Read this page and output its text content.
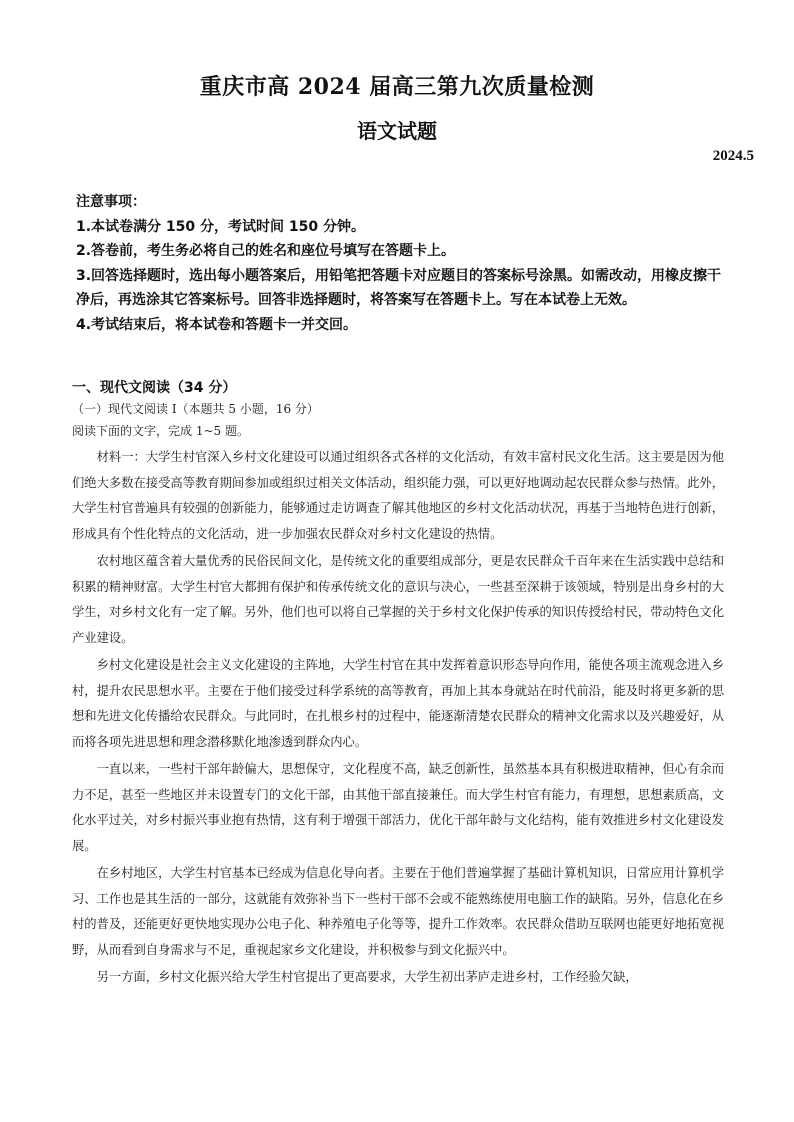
重庆市高 2024 届高三第九次质量检测
语文试题
2024.5
注意事项：
1.本试卷满分 150 分，考试时间 150 分钟。
2.答卷前，考生务必将自己的姓名和座位号填写在答题卡上。
3.回答选择题时，选出每小题答案后，用铅笔把答题卡对应题目的答案标号涂黑。如需改动，用橡皮擦干净后，再选涂其它答案标号。回答非选择题时，将答案写在答题卡上。写在本试卷上无效。
4.考试结束后，将本试卷和答题卡一并交回。
一、现代文阅读（34 分）
（一）现代文阅读 I（本题共 5 小题，16 分）
阅读下面的文字，完成 1~5 题。

材料一：大学生村官深入乡村文化建设可以通过组织各式各样的文化活动，有效丰富村民文化生活。这主要是因为他们绝大多数在接受高等教育期间参加或组织过相关文体活动，组织能力强，可以更好地调动起农民群众参与热情。此外，大学生村官普遍具有较强的创新能力，能够通过走访调查了解其他地区的乡村文化活动状况，再基于当地特色进行创新，形成具有个性化特点的文化活动，进一步加强农民群众对乡村文化建设的热情。

农村地区蕴含着大量优秀的民俗民间文化，是传统文化的重要组成部分，更是农民群众千百年来在生活实践中总结和积累的精神财富。大学生村官大都拥有保护和传承传统文化的意识与决心，一些甚至深耕于该领域，特别是出身乡村的大学生，对乡村文化有一定了解。另外，他们也可以将自己掌握的关于乡村文化保护传承的知识传授给村民，带动特色文化产业建设。

乡村文化建设是社会主义文化建设的主阵地，大学生村官在其中发挥着意识形态导向作用，能使各项主流观念进入乡村，提升农民思想水平。主要在于他们接受过科学系统的高等教育，再加上其本身就站在时代前沿，能及时将更多新的思想和先进文化传播给农民群众。与此同时，在扎根乡村的过程中，能逐渐清楚农民群众的精神文化需求以及兴趣爱好，从而将各项先进思想和理念潜移默化地渗透到群众内心。

一直以来，一些村干部年龄偏大，思想保守，文化程度不高，缺乏创新性，虽然基本具有积极进取精神，但心有余而力不足，甚至一些地区并未设置专门的文化干部，由其他干部直接兼任。而大学生村官有能力，有理想，思想素质高，文化水平过关，对乡村振兴事业抱有热情，这有利于增强干部活力，优化干部年龄与文化结构，能有效推进乡村文化建设发展。

在乡村地区，大学生村官基本已经成为信息化导向者。主要在于他们普遍掌握了基础计算机知识，日常应用计算机学习、工作也是其生活的一部分，这就能有效弥补当下一些村干部不会或不能熟练使用电脑工作的缺陷。另外，信息化在乡村的普及，还能更好更快地实现办公电子化、种养殖电子化等等，提升工作效率。农民群众借助互联网也能更好地拓宽视野，从而看到自身需求与不足，重视起家乡文化建设，并积极参与到文化振兴中。

另一方面，乡村文化振兴给大学生村官提出了更高要求，大学生初出茅庐走进乡村，工作经验欠缺，
